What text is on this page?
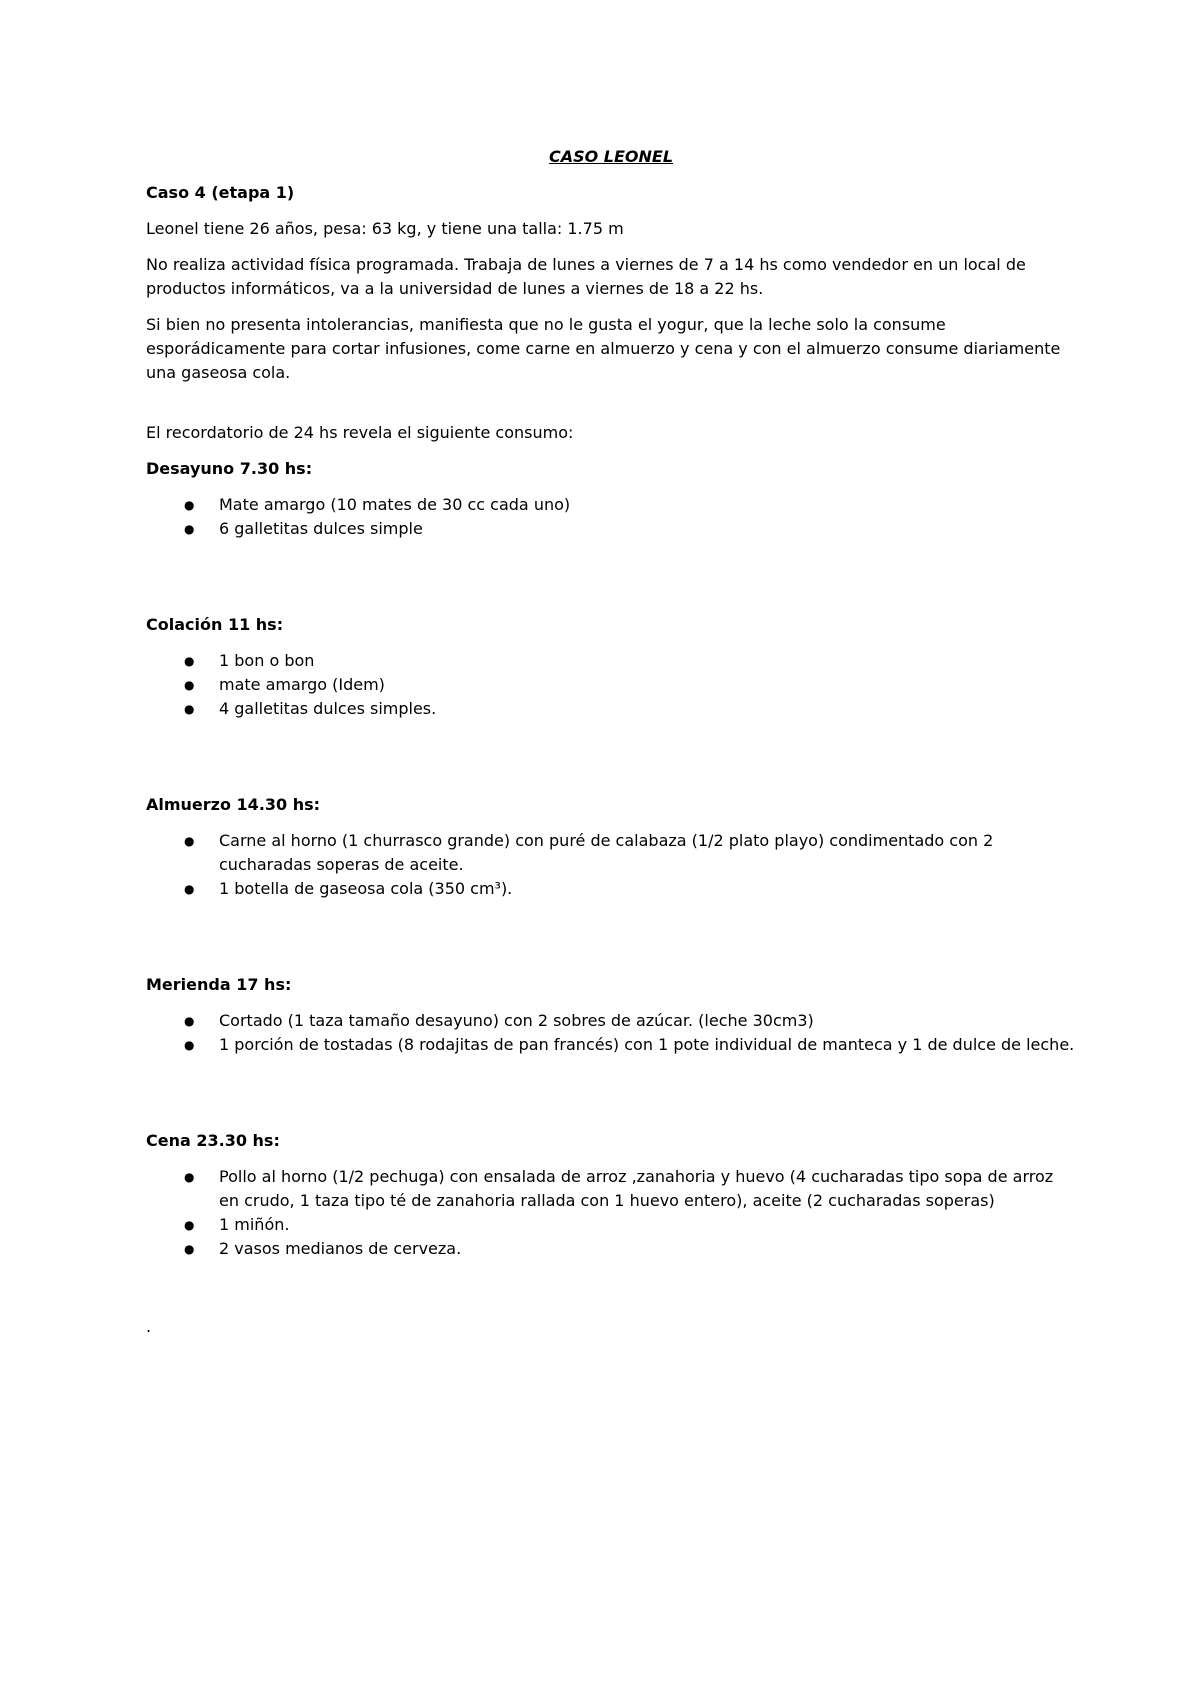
CASO LEONEL
Caso 4 (etapa 1)

Leonel tiene 26 años, pesa: 63 kg, y tiene una talla: 1.75 m

No realiza actividad física programada. Trabaja de lunes a viernes de 7 a 14 hs como vendedor en un local de productos informáticos, va a la universidad de lunes a viernes de 18 a 22 hs.

Si bien no presenta intolerancias, manifiesta que no le gusta el yogur, que la leche solo la consume esporádicamente para cortar infusiones, come carne en almuerzo y cena y con el almuerzo consume diariamente una gaseosa cola.

El recordatorio de 24 hs revela el siguiente consumo:

Desayuno 7.30 hs:
● Mate amargo (10 mates de 30 cc cada uno)
● 6 galletitas dulces simple
Colación 11 hs:
● 1 bon o bon
● mate amargo (Idem)
● 4 galletitas dulces simples.
Almuerzo 14.30 hs:
● Carne al horno (1 churrasco grande) con puré de calabaza (1/2 plato playo) condimentado con 2 cucharadas soperas de aceite.
● 1 botella de gaseosa cola (350 cm³).
Merienda 17 hs:
● Cortado (1 taza tamaño desayuno) con 2 sobres de azúcar. (leche 30cm3)
● 1 porción de tostadas (8 rodajitas de pan francés) con 1 pote individual de manteca y 1 de dulce de leche.
Cena 23.30 hs:
● Pollo al horno (1/2 pechuga) con ensalada de arroz ,zanahoria y huevo (4 cucharadas tipo sopa de arroz en crudo, 1 taza tipo té de zanahoria rallada con 1 huevo entero), aceite (2 cucharadas soperas)
● 1 miñón.
● 2 vasos medianos de cerveza.
.
